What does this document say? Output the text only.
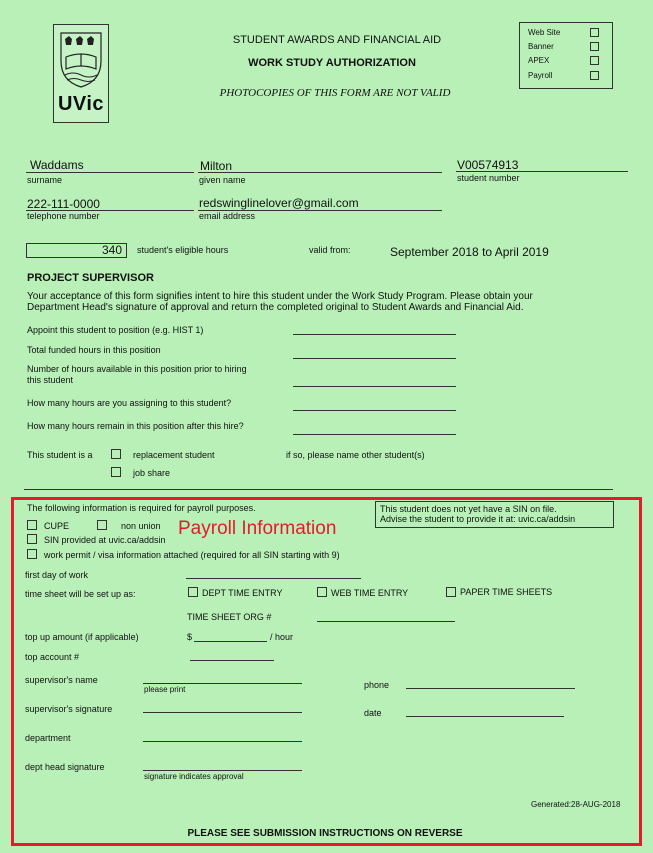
UVic
STUDENT AWARDS AND FINANCIAL AID
WORK STUDY AUTHORIZATION
PHOTOCOPIES OF THIS FORM ARE NOT VALID
Web Site
Banner
APEX
Payroll
Waddams
surname
Milton
given name
V00574913
student number
222-111-0000
telephone number
redswinglinelover@gmail.com
email address
340	student's eligible hours	valid from:	September 2018 to April 2019
PROJECT SUPERVISOR
Your acceptance of this form signifies intent to hire this student under the Work Study Program. Please obtain your
Department Head's signature of approval and return the completed original to Student Awards and Financial Aid.
Appoint this student to position (e.g. HIST 1)
Total funded hours in this position
Number of hours available in this position prior to hiring
this student
How many hours are you assigning to this student?
How many hours remain in this position after this hire?
This student is a	replacement student
job share
if so, please name other student(s)
The following information is required for payroll purposes.	This student does not yet have a SIN on file.
Advise the student to provide it at: uvic.ca/addsin
Payroll Information
CUPE	non union
SIN provided at uvic.ca/addsin
work permit / visa information attached (required for all SIN starting with 9)
first day of work
time sheet will be set up as:	DEPT TIME ENTRY	WEB TIME ENTRY	PAPER TIME SHEETS
TIME SHEET ORG #
top up amount (if applicable)	$	/ hour
top account #
supervisor's name
please print	phone
supervisor's signature	date
department
dept head signature
signature indicates approval
Generated:28-AUG-2018
PLEASE SEE SUBMISSION INSTRUCTIONS ON REVERSE
